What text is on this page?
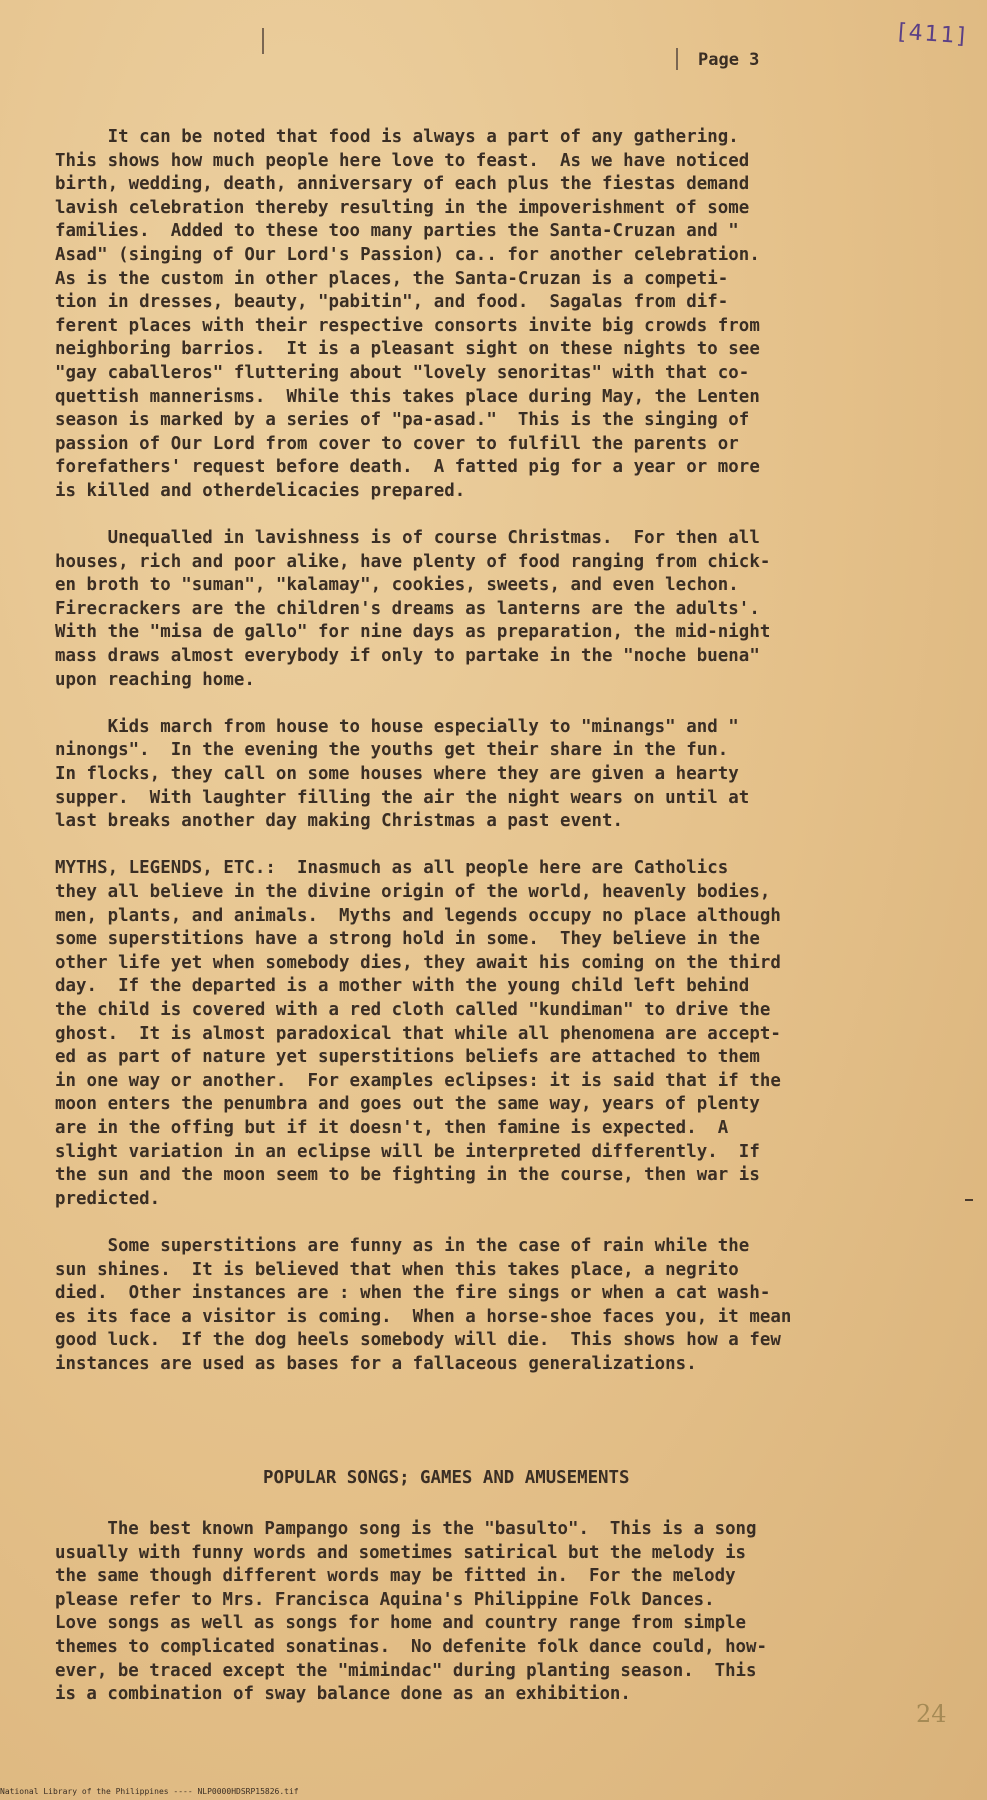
[411]
Page 3
It can be noted that food is always a part of any gathering.
This shows how much people here love to feast.  As we have noticed
birth, wedding, death, anniversary of each plus the fiestas demand
lavish celebration thereby resulting in the impoverishment of some
families.  Added to these too many parties the Santa-Cruzan and "
Asad" (singing of Our Lord's Passion) ca.. for another celebration.
As is the custom in other places, the Santa-Cruzan is a competi-
tion in dresses, beauty, "pabitin", and food.  Sagalas from dif-
ferent places with their respective consorts invite big crowds from
neighboring barrios.  It is a pleasant sight on these nights to see
"gay caballeros" fluttering about "lovely senoritas" with that co-
quettish mannerisms.  While this takes place during May, the Lenten
season is marked by a series of "pa-asad."  This is the singing of
passion of Our Lord from cover to cover to fulfill the parents or
forefathers' request before death.  A fatted pig for a year or more
is killed and otherdelicacies prepared.
Unequalled in lavishness is of course Christmas.  For then all
houses, rich and poor alike, have plenty of food ranging from chick-
en broth to "suman", "kalamay", cookies, sweets, and even lechon.
Firecrackers are the children's dreams as lanterns are the adults'.
With the "misa de gallo" for nine days as preparation, the mid-night
mass draws almost everybody if only to partake in the "noche buena"
upon reaching home.
Kids march from house to house especially to "minangs" and "
ninongs".  In the evening the youths get their share in the fun.
In flocks, they call on some houses where they are given a hearty
supper.  With laughter filling the air the night wears on until at
last breaks another day making Christmas a past event.
MYTHS, LEGENDS, ETC.:  Inasmuch as all people here are Catholics
they all believe in the divine origin of the world, heavenly bodies,
men, plants, and animals.  Myths and legends occupy no place although
some superstitions have a strong hold in some.  They believe in the
other life yet when somebody dies, they await his coming on the third
day.  If the departed is a mother with the young child left behind
the child is covered with a red cloth called "kundiman" to drive the
ghost.  It is almost paradoxical that while all phenomena are accept-
ed as part of nature yet superstitions beliefs are attached to them
in one way or another.  For examples eclipses: it is said that if the
moon enters the penumbra and goes out the same way, years of plenty
are in the offing but if it doesn't, then famine is expected.  A
slight variation in an eclipse will be interpreted differently.  If
the sun and the moon seem to be fighting in the course, then war is
predicted.
Some superstitions are funny as in the case of rain while the
sun shines.  It is believed that when this takes place, a negrito
died.  Other instances are : when the fire sings or when a cat wash-
es its face a visitor is coming.  When a horse-shoe faces you, it mean
good luck.  If the dog heels somebody will die.  This shows how a few
instances are used as bases for a fallaceous generalizations.
POPULAR SONGS; GAMES AND AMUSEMENTS
The best known Pampango song is the "basulto".  This is a song
usually with funny words and sometimes satirical but the melody is
the same though different words may be fitted in.  For the melody
please refer to Mrs. Francisca Aquina's Philippine Folk Dances.
Love songs as well as songs for home and country range from simple
themes to complicated sonatinas.  No defenite folk dance could, how-
ever, be traced except the "mimindac" during planting season.  This
is a combination of sway balance done as an exhibition.
24
National Library of the Philippines ---- NLP0000HDSRP15826.tif
